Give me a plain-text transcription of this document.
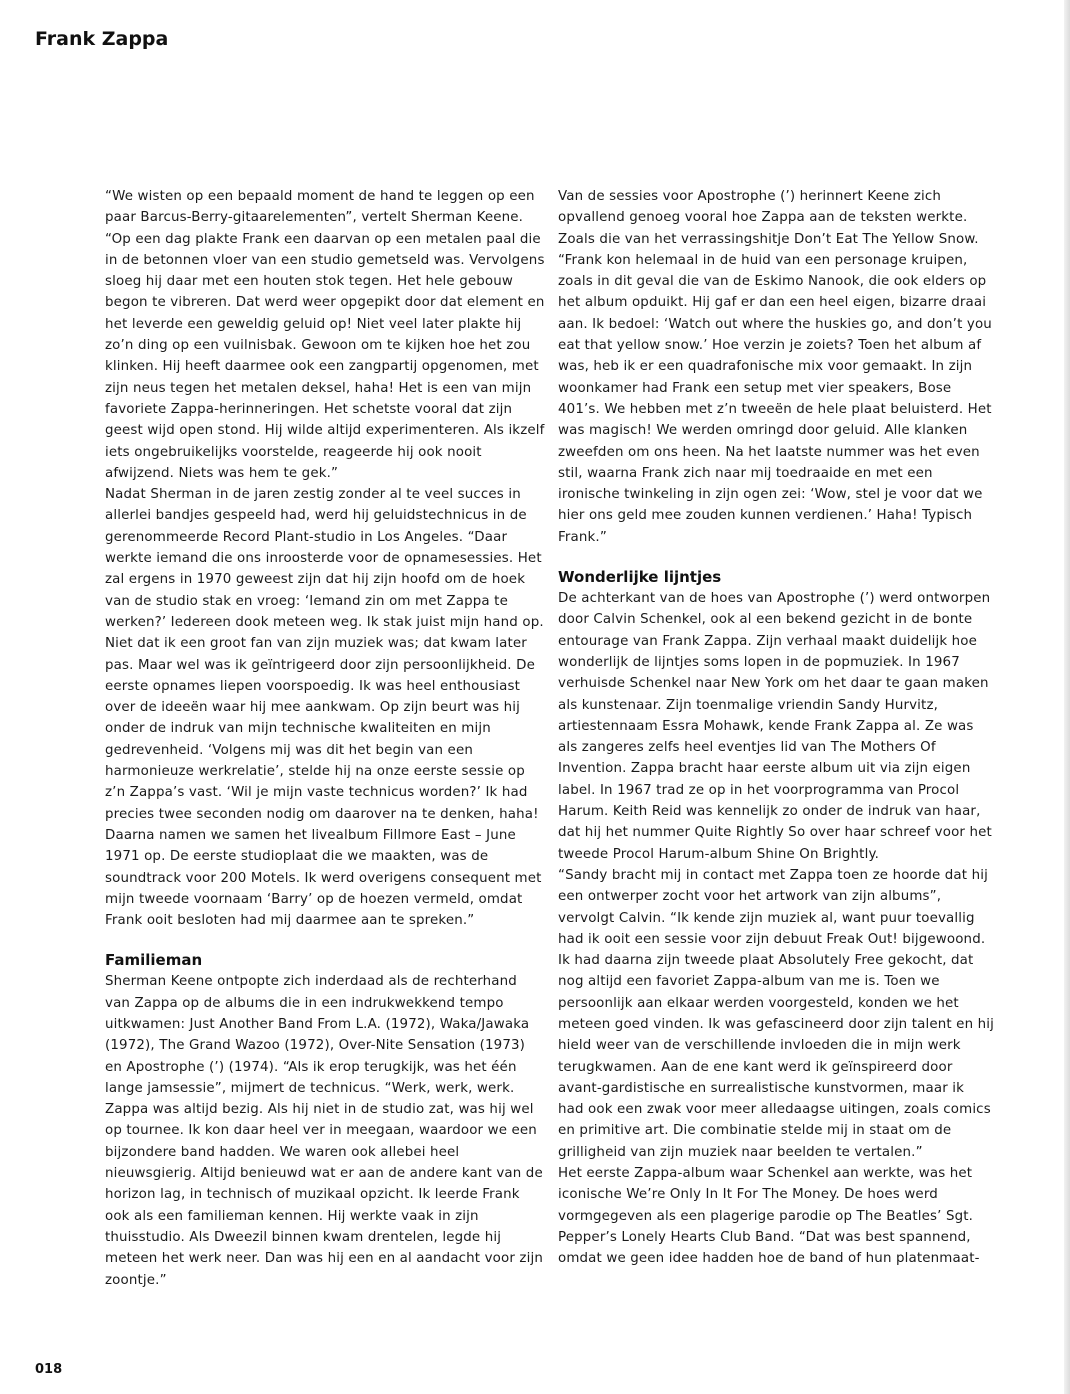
Frank Zappa

“We wisten op een bepaald moment de hand te leggen op een paar Barcus-Berry-gitaarelementen”, vertelt Sherman Keene. “Op een dag plakte Frank een daarvan op een metalen paal die in de betonnen vloer van een studio gemetseld was. Vervolgens sloeg hij daar met een houten stok tegen. Het hele gebouw begon te vibreren. Dat werd weer opgepikt door dat element en het leverde een geweldig geluid op! Niet veel later plakte hij zo’n ding op een vuilnisbak. Gewoon om te kijken hoe het zou klinken. Hij heeft daarmee ook een zangpartij opgenomen, met zijn neus tegen het metalen deksel, haha! Het is een van mijn favoriete Zappa-herinneringen. Het schetste vooral dat zijn geest wijd open stond. Hij wilde altijd experimenteren. Als ikzelf iets ongebruikelijks voorstelde, reageerde hij ook nooit afwijzend. Niets was hem te gek.”

Nadat Sherman in de jaren zestig zonder al te veel succes in allerlei bandjes gespeeld had, werd hij geluidstechnicus in de gerenommeerde Record Plant-studio in Los Angeles. “Daar werkte iemand die ons inroosterde voor de opnamesessies. Het zal ergens in 1970 geweest zijn dat hij zijn hoofd om de hoek van de studio stak en vroeg: ‘Iemand zin om met Zappa te werken?’ Iedereen dook meteen weg. Ik stak juist mijn hand op. Niet dat ik een groot fan van zijn muziek was; dat kwam later pas. Maar wel was ik geïntrigeerd door zijn persoonlijkheid. De eerste opnames liepen voorspoedig. Ik was heel enthousiast over de ideeën waar hij mee aankwam. Op zijn beurt was hij onder de indruk van mijn technische kwaliteiten en mijn gedrevenheid. ‘Volgens mij was dit het begin van een harmonieuze werkrelatie’, stelde hij na onze eerste sessie op z’n Zappa’s vast. ‘Wil je mijn vaste technicus worden?’ Ik had precies twee seconden nodig om daarover na te denken, haha! Daarna namen we samen het livealbum Fillmore East – June 1971 op. De eerste studioplaat die we maakten, was de soundtrack voor 200 Motels. Ik werd overigens consequent met mijn tweede voornaam ‘Barry’ op de hoezen vermeld, omdat Frank ooit besloten had mij daarmee aan te spreken.”

Familieman

Sherman Keene ontpopte zich inderdaad als de rechterhand van Zappa op de albums die in een indrukwekkend tempo uitkwamen: Just Another Band From L.A. (1972), Waka/Jawaka (1972), The Grand Wazoo (1972), Over-Nite Sensation (1973) en Apostrophe (’) (1974). “Als ik erop terugkijk, was het één lange jamsessie”, mijmert de technicus. “Werk, werk, werk. Zappa was altijd bezig. Als hij niet in de studio zat, was hij wel op tournee. Ik kon daar heel ver in meegaan, waardoor we een bijzondere band hadden. We waren ook allebei heel nieuwsgierig. Altijd benieuwd wat er aan de andere kant van de horizon lag, in technisch of muzikaal opzicht. Ik leerde Frank ook als een familieman kennen. Hij werkte vaak in zijn thuisstudio. Als Dweezil binnen kwam drentelen, legde hij meteen het werk neer. Dan was hij een en al aandacht voor zijn zoontje.”

Van de sessies voor Apostrophe (’) herinnert Keene zich opvallend genoeg vooral hoe Zappa aan de teksten werkte. Zoals die van het verrassingshitje Don’t Eat The Yellow Snow. “Frank kon helemaal in de huid van een personage kruipen, zoals in dit geval die van de Eskimo Nanook, die ook elders op het album opduikt. Hij gaf er dan een heel eigen, bizarre draai aan. Ik bedoel: ‘Watch out where the huskies go, and don’t you eat that yellow snow.’ Hoe verzin je zoiets? Toen het album af was, heb ik er een quadrafonische mix voor gemaakt. In zijn woonkamer had Frank een setup met vier speakers, Bose 401’s. We hebben met z’n tweeën de hele plaat beluisterd. Het was magisch! We werden omringd door geluid. Alle klanken zweefden om ons heen. Na het laatste nummer was het even stil, waarna Frank zich naar mij toedraaide en met een ironische twinkeling in zijn ogen zei: ‘Wow, stel je voor dat we hier ons geld mee zouden kunnen verdienen.’ Haha! Typisch Frank.”

Wonderlijke lijntjes

De achterkant van de hoes van Apostrophe (’) werd ontworpen door Calvin Schenkel, ook al een bekend gezicht in de bonte entourage van Frank Zappa. Zijn verhaal maakt duidelijk hoe wonderlijk de lijntjes soms lopen in de popmuziek. In 1967 verhuisde Schenkel naar New York om het daar te gaan maken als kunstenaar. Zijn toenmalige vriendin Sandy Hurvitz, artiestennaam Essra Mohawk, kende Frank Zappa al. Ze was als zangeres zelfs heel eventjes lid van The Mothers Of Invention. Zappa bracht haar eerste album uit via zijn eigen label. In 1967 trad ze op in het voorprogramma van Procol Harum. Keith Reid was kennelijk zo onder de indruk van haar, dat hij het nummer Quite Rightly So over haar schreef voor het tweede Procol Harum-album Shine On Brightly.

“Sandy bracht mij in contact met Zappa toen ze hoorde dat hij een ontwerper zocht voor het artwork van zijn albums”, vervolgt Calvin. “Ik kende zijn muziek al, want puur toevallig had ik ooit een sessie voor zijn debuut Freak Out! bijgewoond. Ik had daarna zijn tweede plaat Absolutely Free gekocht, dat nog altijd een favoriet Zappa-album van me is. Toen we persoonlijk aan elkaar werden voorgesteld, konden we het meteen goed vinden. Ik was gefascineerd door zijn talent en hij hield weer van de verschillende invloeden die in mijn werk terugkwamen. Aan de ene kant werd ik geïnspireerd door avant-gardistische en surrealistische kunstvormen, maar ik had ook een zwak voor meer alledaagse uitingen, zoals comics en primitive art. Die combinatie stelde mij in staat om de grilligheid van zijn muziek naar beelden te vertalen.”

Het eerste Zappa-album waar Schenkel aan werkte, was het iconische We’re Only In It For The Money. De hoes werd vormgegeven als een plagerige parodie op The Beatles’ Sgt. Pepper’s Lonely Hearts Club Band. “Dat was best spannend, omdat we geen idee hadden hoe de band of hun platenmaat-

018
